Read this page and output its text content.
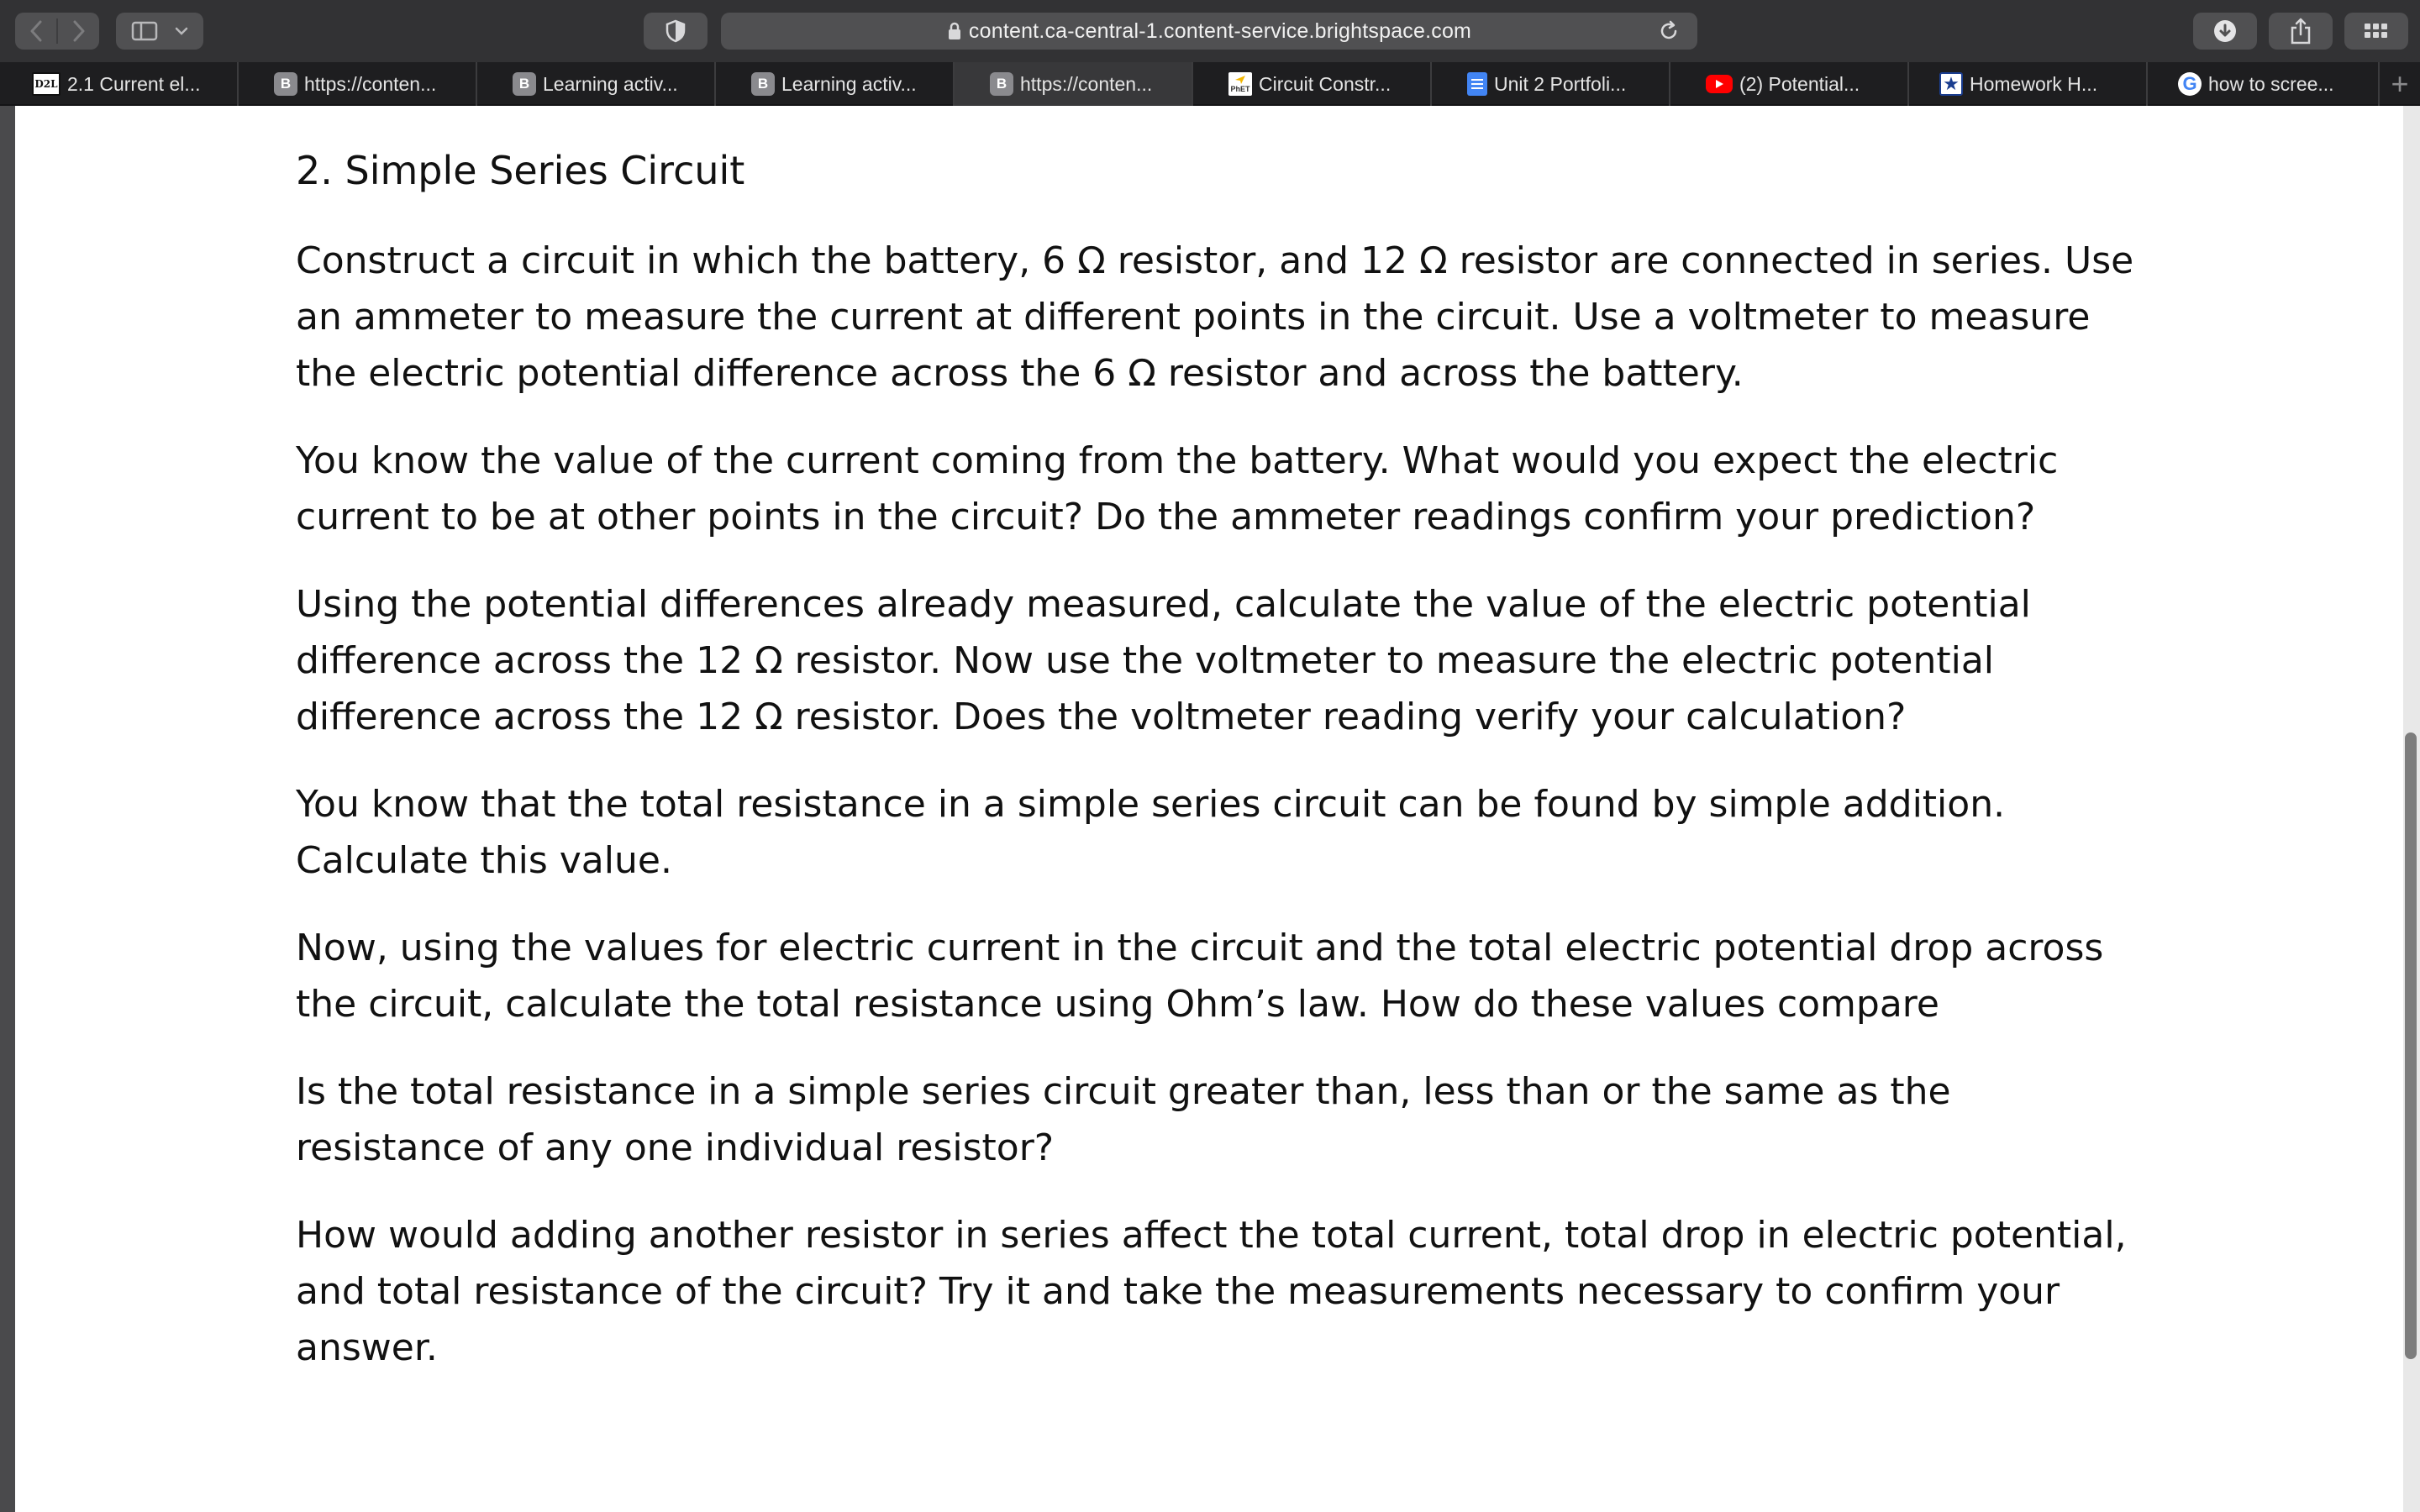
content.ca-central-1.content-service.brightspace.com
D2L 2.1 Current el...	B https://conten...	B Learning activ...	B Learning activ...	B https://conten...	PhET Circuit Constr...	Unit 2 Portfoli...	(2) Potential...	★ Homework H...	G how to scree...	+
2. Simple Series Circuit

Construct a circuit in which the battery, 6 Ω resistor, and 12 Ω resistor are connected in series. Use an ammeter to measure the current at different points in the circuit. Use a voltmeter to measure the electric potential difference across the 6 Ω resistor and across the battery.

You know the value of the current coming from the battery. What would you expect the electric current to be at other points in the circuit? Do the ammeter readings confirm your prediction?

Using the potential differences already measured, calculate the value of the electric potential difference across the 12 Ω resistor. Now use the voltmeter to measure the electric potential difference across the 12 Ω resistor. Does the voltmeter reading verify your calculation?

You know that the total resistance in a simple series circuit can be found by simple addition. Calculate this value.

Now, using the values for electric current in the circuit and the total electric potential drop across the circuit, calculate the total resistance using Ohm’s law. How do these values compare

Is the total resistance in a simple series circuit greater than, less than or the same as the resistance of any one individual resistor?

How would adding another resistor in series affect the total current, total drop in electric potential, and total resistance of the circuit? Try it and take the measurements necessary to confirm your answer.
